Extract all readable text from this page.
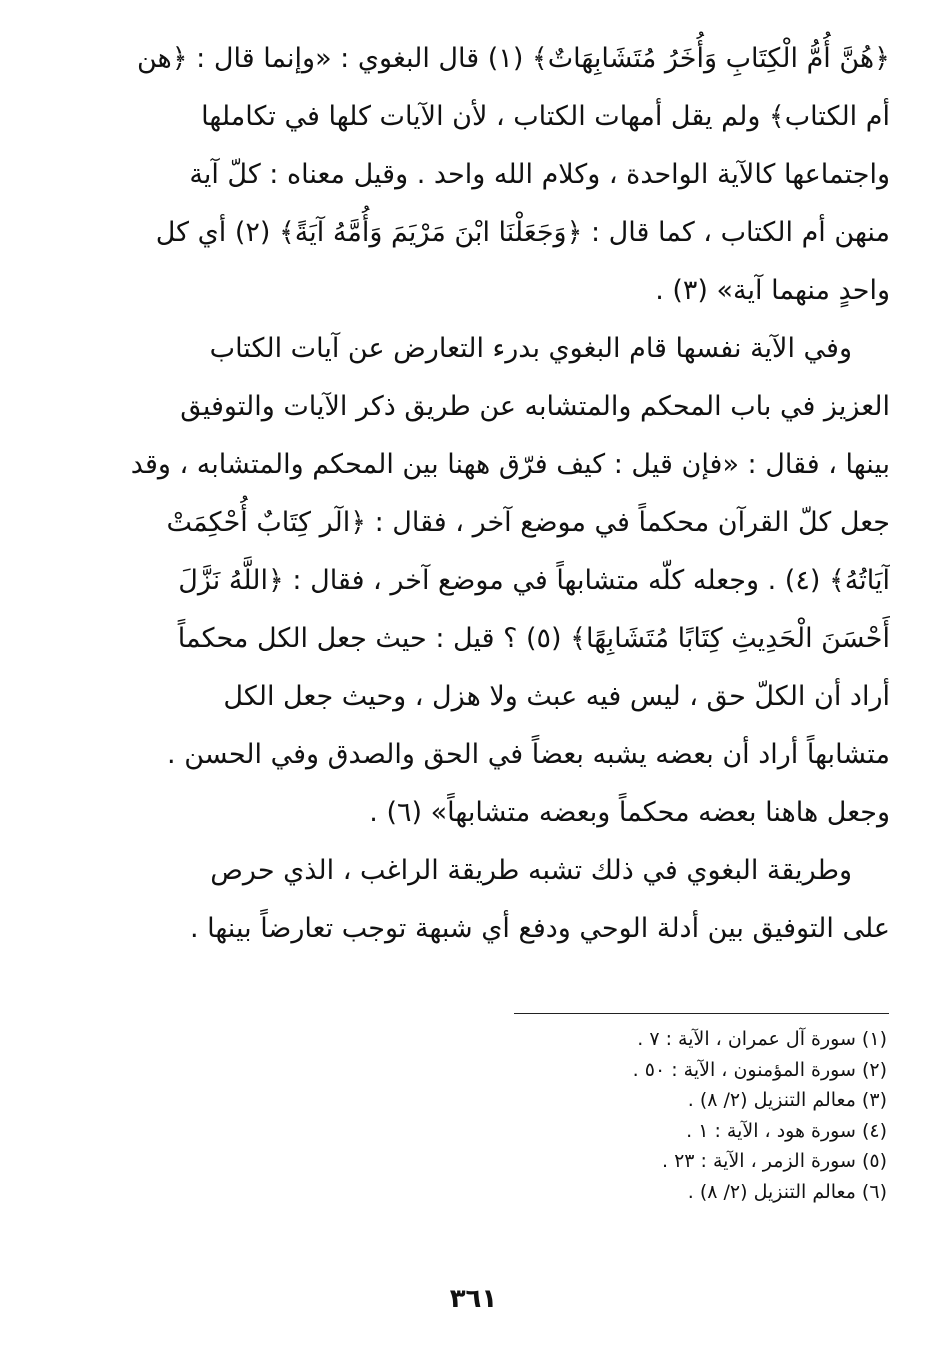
﴿هُنَّ أُمُّ الْكِتَابِ وَأُخَرُ مُتَشَابِهَاتٌ﴾ (١) قال البغوي : «وإنما قال : ﴿هن
أم الكتاب﴾ ولم يقل أمهات الكتاب ، لأن الآيات كلها في تكاملها
واجتماعها كالآية الواحدة ، وكلام الله واحد . وقيل معناه : كلّ آية
منهن أم الكتاب ، كما قال : ﴿وَجَعَلْنَا ابْنَ مَرْيَمَ وَأُمَّهُ آيَةً﴾ (٢) أي كل
واحدٍ منهما آية» (٣) .

وفي الآية نفسها قام البغوي بدرء التعارض عن آيات الكتاب
العزيز في باب المحكم والمتشابه عن طريق ذكر الآيات والتوفيق
بينها ، فقال : «فإن قيل : كيف فرّق ههنا بين المحكم والمتشابه ، وقد
جعل كلّ القرآن محكماً في موضع آخر ، فقال : ﴿الٓر كِتَابٌ أُحْكِمَتْ
آيَاتُهُ﴾ (٤) . وجعله كلّه متشابهاً في موضع آخر ، فقال : ﴿اللَّهُ نَزَّلَ
أَحْسَنَ الْحَدِيثِ كِتَابًا مُتَشَابِهًا﴾ (٥) ؟ قيل : حيث جعل الكل محكماً
أراد أن الكلّ حق ، ليس فيه عبث ولا هزل ، وحيث جعل الكل
متشابهاً أراد أن بعضه يشبه بعضاً في الحق والصدق وفي الحسن .
وجعل هاهنا بعضه محكماً وبعضه متشابهاً» (٦) .

وطريقة البغوي في ذلك تشبه طريقة الراغب ، الذي حرص
على التوفيق بين أدلة الوحي ودفع أي شبهة توجب تعارضاً بينها .

(١) سورة آل عمران ، الآية : ٧ .
(٢) سورة المؤمنون ، الآية : ٥٠ .
(٣) معالم التنزيل (٢/ ٨) .
(٤) سورة هود ، الآية : ١ .
(٥) سورة الزمر ، الآية : ٢٣ .
(٦) معالم التنزيل (٢/ ٨) .
٣٦١
